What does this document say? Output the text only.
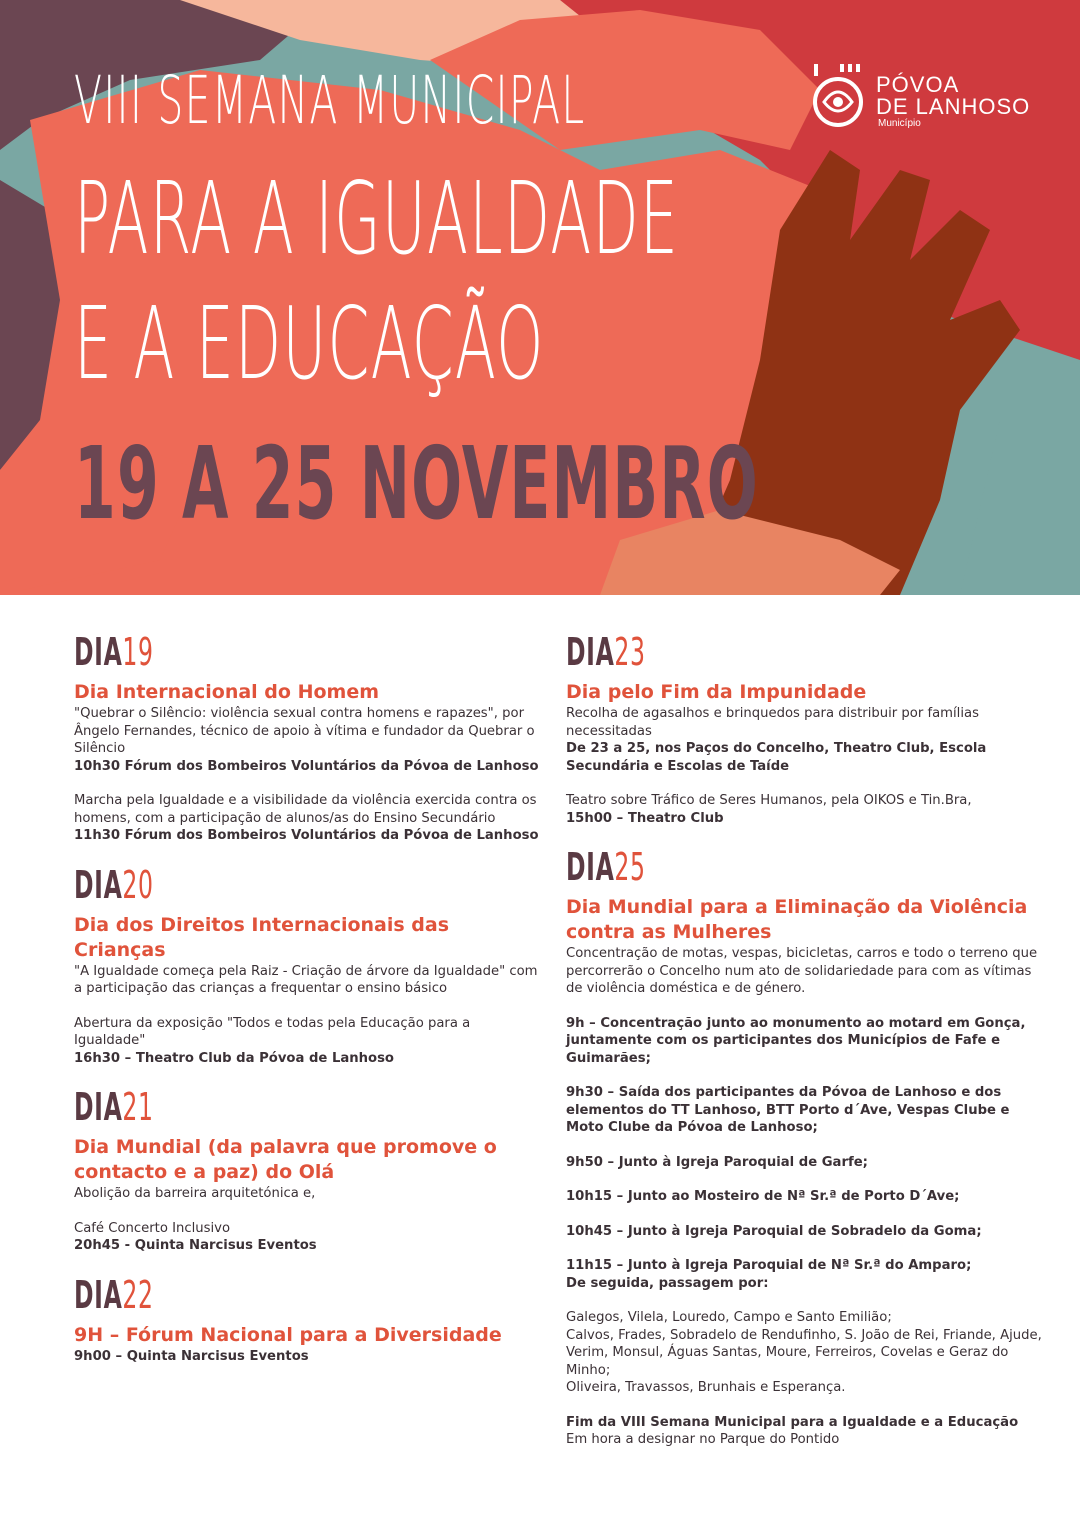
VIII SEMANA MUNICIPAL
PARA A IGUALDADE
E A EDUCAÇÃO
19 A 25 NOVEMBRO
PÓVOA
DE LANHOSO
Município
DIA19

Dia Internacional do Homem

"Quebrar o Silêncio: violência sexual contra homens e rapazes", por Ângelo Fernandes, técnico de apoio à vítima e fundador da Quebrar o Silêncio

10h30 Fórum dos Bombeiros Voluntários da Póvoa de Lanhoso

Marcha pela Igualdade e a visibilidade da violência exercida contra os homens, com a participação de alunos/as do Ensino Secundário

11h30 Fórum dos Bombeiros Voluntários da Póvoa de Lanhoso

DIA20

Dia dos Direitos Internacionais das Crianças

"A Igualdade começa pela Raiz - Criação de árvore da Igualdade" com a participação das crianças a frequentar o ensino básico

Abertura da exposição "Todos e todas pela Educação para a Igualdade"

16h30 – Theatro Club da Póvoa de Lanhoso

DIA21

Dia Mundial (da palavra que promove o contacto e a paz) do Olá

Abolição da barreira arquitetónica e,

Café Concerto Inclusivo

20h45 - Quinta Narcisus Eventos

DIA22

9H – Fórum Nacional para a Diversidade

9h00 – Quinta Narcisus Eventos

DIA23

Dia pelo Fim da Impunidade

Recolha de agasalhos e brinquedos para distribuir por famílias necessitadas

De 23 a 25, nos Paços do Concelho, Theatro Club, Escola Secundária e Escolas de Taíde

Teatro sobre Tráfico de Seres Humanos, pela OIKOS e Tin.Bra,

15h00 – Theatro Club

DIA25

Dia Mundial para a Eliminação da Violência contra as Mulheres

Concentração de motas, vespas, bicicletas, carros e todo o terreno que percorrerão o Concelho num ato de solidariedade para com as vítimas de violência doméstica e de género.

9h – Concentração junto ao monumento ao motard em Gonça, juntamente com os participantes dos Municípios de Fafe e Guimarães;

9h30 – Saída dos participantes da Póvoa de Lanhoso e dos elementos do TT Lanhoso, BTT Porto d´Ave, Vespas Clube e Moto Clube da Póvoa de Lanhoso;

9h50 – Junto à Igreja Paroquial de Garfe;

10h15 – Junto ao Mosteiro de Nª Sr.ª de Porto D´Ave;

10h45 – Junto à Igreja Paroquial de Sobradelo da Goma;

11h15 – Junto à Igreja Paroquial de Nª Sr.ª do Amparo;

De seguida, passagem por:

Galegos, Vilela, Louredo, Campo e Santo Emilião;

Calvos, Frades, Sobradelo de Rendufinho, S. João de Rei, Friande, Ajude, Verim, Monsul, Águas Santas, Moure, Ferreiros, Covelas e Geraz do Minho;

Oliveira, Travassos, Brunhais e Esperança.

Fim da VIII Semana Municipal para a Igualdade e a Educação

Em hora a designar no Parque do Pontido
